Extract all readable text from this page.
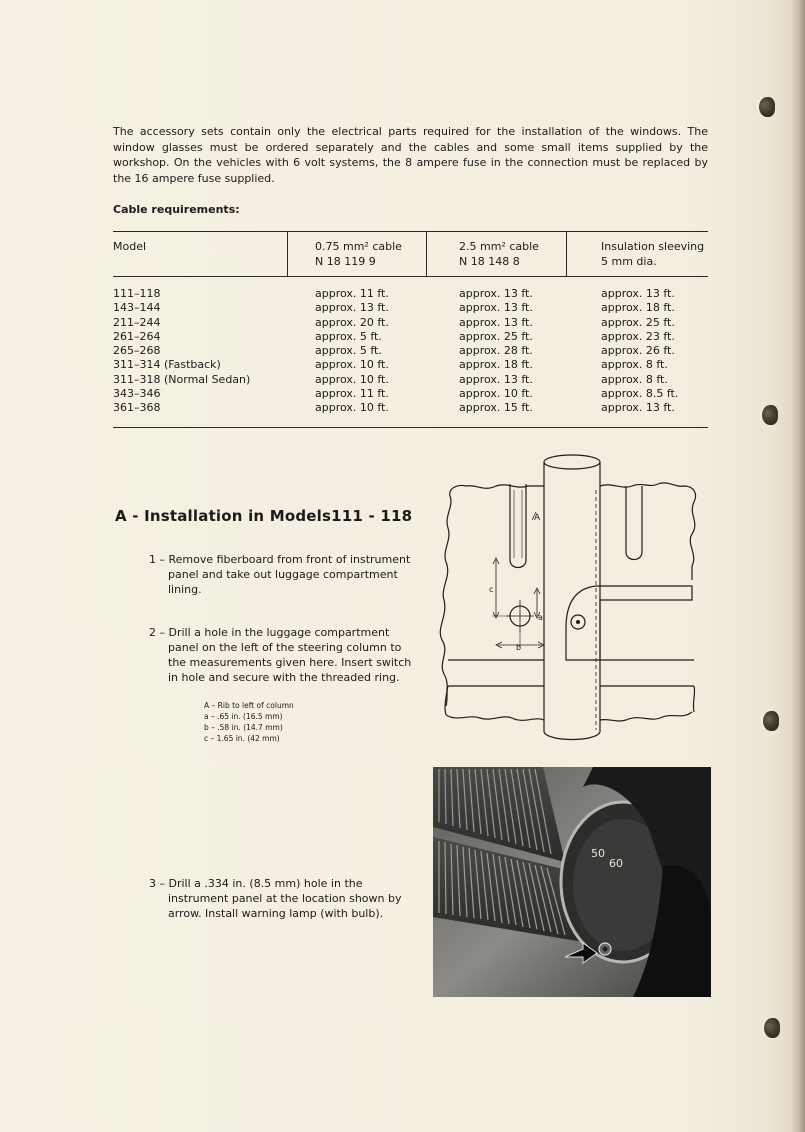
The accessory sets contain only the electrical parts required for the installation of the windows. The window glasses must be ordered separately and the cables and some small items supplied by the workshop. On the vehicles with 6 volt systems, the 8 ampere fuse in the connection must be replaced by the 16 ampere fuse supplied.

Cable requirements:
Model	0.75 mm² cable
N 18 119 9
2.5 mm² cable
N 18 148 8
Insulation sleeving
5 mm dia.
111–118
143–144
211–244
261–264
265–268
311–314 (Fastback)
311–318 (Normal Sedan)
343–346
361–368
approx. 11 ft.
approx. 13 ft.
approx. 20 ft.
approx. 5 ft.
approx. 5 ft.
approx. 10 ft.
approx. 10 ft.
approx. 11 ft.
approx. 10 ft.
approx. 13 ft.
approx. 13 ft.
approx. 13 ft.
approx. 25 ft.
approx. 28 ft.
approx. 18 ft.
approx. 13 ft.
approx. 10 ft.
approx. 15 ft.
approx. 13 ft.
approx. 18 ft.
approx. 25 ft.
approx. 23 ft.
approx. 26 ft.
approx. 8 ft.
approx. 8 ft.
approx. 8.5 ft.
approx. 13 ft.
A - Installation in Models111 - 118

1 – Remove fiberboard from front of instrument panel and take out luggage compartment lining.

2 – Drill a hole in the luggage compartment panel on the left of the steering column to the measurements given here. Insert switch in hole and secure with the threaded ring.

A – Rib to left of column
a – .65 in. (16.5 mm)
b – .58 in. (14.7 mm)
c – 1.65 in. (42 mm)
A
a
b
c

3 – Drill a .334 in. (8.5 mm) hole in the instrument panel at the location shown by arrow. Install warning lamp (with bulb).

50
60
